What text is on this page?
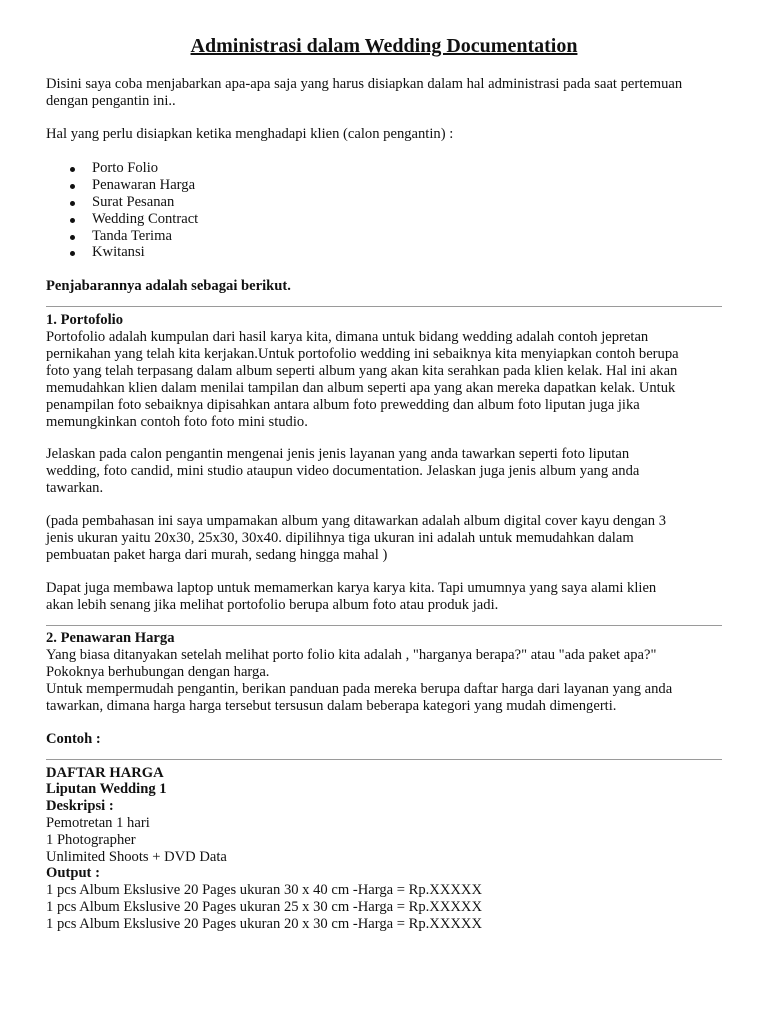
Administrasi dalam Wedding Documentation
Disini saya coba menjabarkan apa-apa saja yang harus disiapkan dalam hal administrasi pada saat pertemuan
dengan pengantin ini..
Hal yang perlu disiapkan ketika menghadapi klien (calon pengantin) :
Porto Folio
Penawaran Harga
Surat Pesanan
Wedding Contract
Tanda Terima
Kwitansi
Penjabarannya adalah sebagai berikut.
1. Portofolio
Portofolio adalah kumpulan dari hasil karya kita, dimana untuk bidang wedding adalah contoh jepretan
pernikahan yang telah kita kerjakan.Untuk portofolio wedding ini sebaiknya kita menyiapkan contoh berupa
foto yang telah terpasang dalam album seperti album yang akan kita serahkan pada klien kelak. Hal ini akan
memudahkan klien dalam menilai tampilan dan album seperti apa yang akan mereka dapatkan kelak. Untuk
penampilan foto sebaiknya dipisahkan antara album foto prewedding dan album foto liputan juga jika
memungkinkan contoh foto foto mini studio.
Jelaskan pada calon pengantin mengenai jenis jenis layanan yang anda tawarkan seperti foto liputan
wedding, foto candid, mini studio ataupun video documentation. Jelaskan juga jenis album yang anda
tawarkan.
(pada pembahasan ini saya umpamakan album yang ditawarkan adalah album digital cover kayu dengan 3
jenis ukuran yaitu 20x30, 25x30, 30x40. dipilihnya tiga ukuran ini adalah untuk memudahkan dalam
pembuatan paket harga dari murah, sedang hingga mahal )
Dapat juga membawa laptop untuk memamerkan karya karya kita. Tapi umumnya yang saya alami klien
akan lebih senang jika melihat portofolio berupa album foto atau produk jadi.
2. Penawaran Harga
Yang biasa ditanyakan setelah melihat porto folio kita adalah , "harganya berapa?" atau "ada paket apa?"
Pokoknya berhubungan dengan harga.
Untuk mempermudah pengantin, berikan panduan pada mereka berupa daftar harga dari layanan yang anda
tawarkan, dimana harga harga tersebut tersusun dalam beberapa kategori yang mudah dimengerti.
Contoh :
DAFTAR HARGA
Liputan Wedding 1
Deskripsi :
Pemotretan 1 hari
1 Photographer
Unlimited Shoots + DVD Data
Output :
1 pcs Album Ekslusive 20 Pages ukuran 30 x 40 cm -Harga = Rp.XXXXX
1 pcs Album Ekslusive 20 Pages ukuran 25 x 30 cm -Harga = Rp.XXXXX
1 pcs Album Ekslusive 20 Pages ukuran 20 x 30 cm -Harga = Rp.XXXXX
